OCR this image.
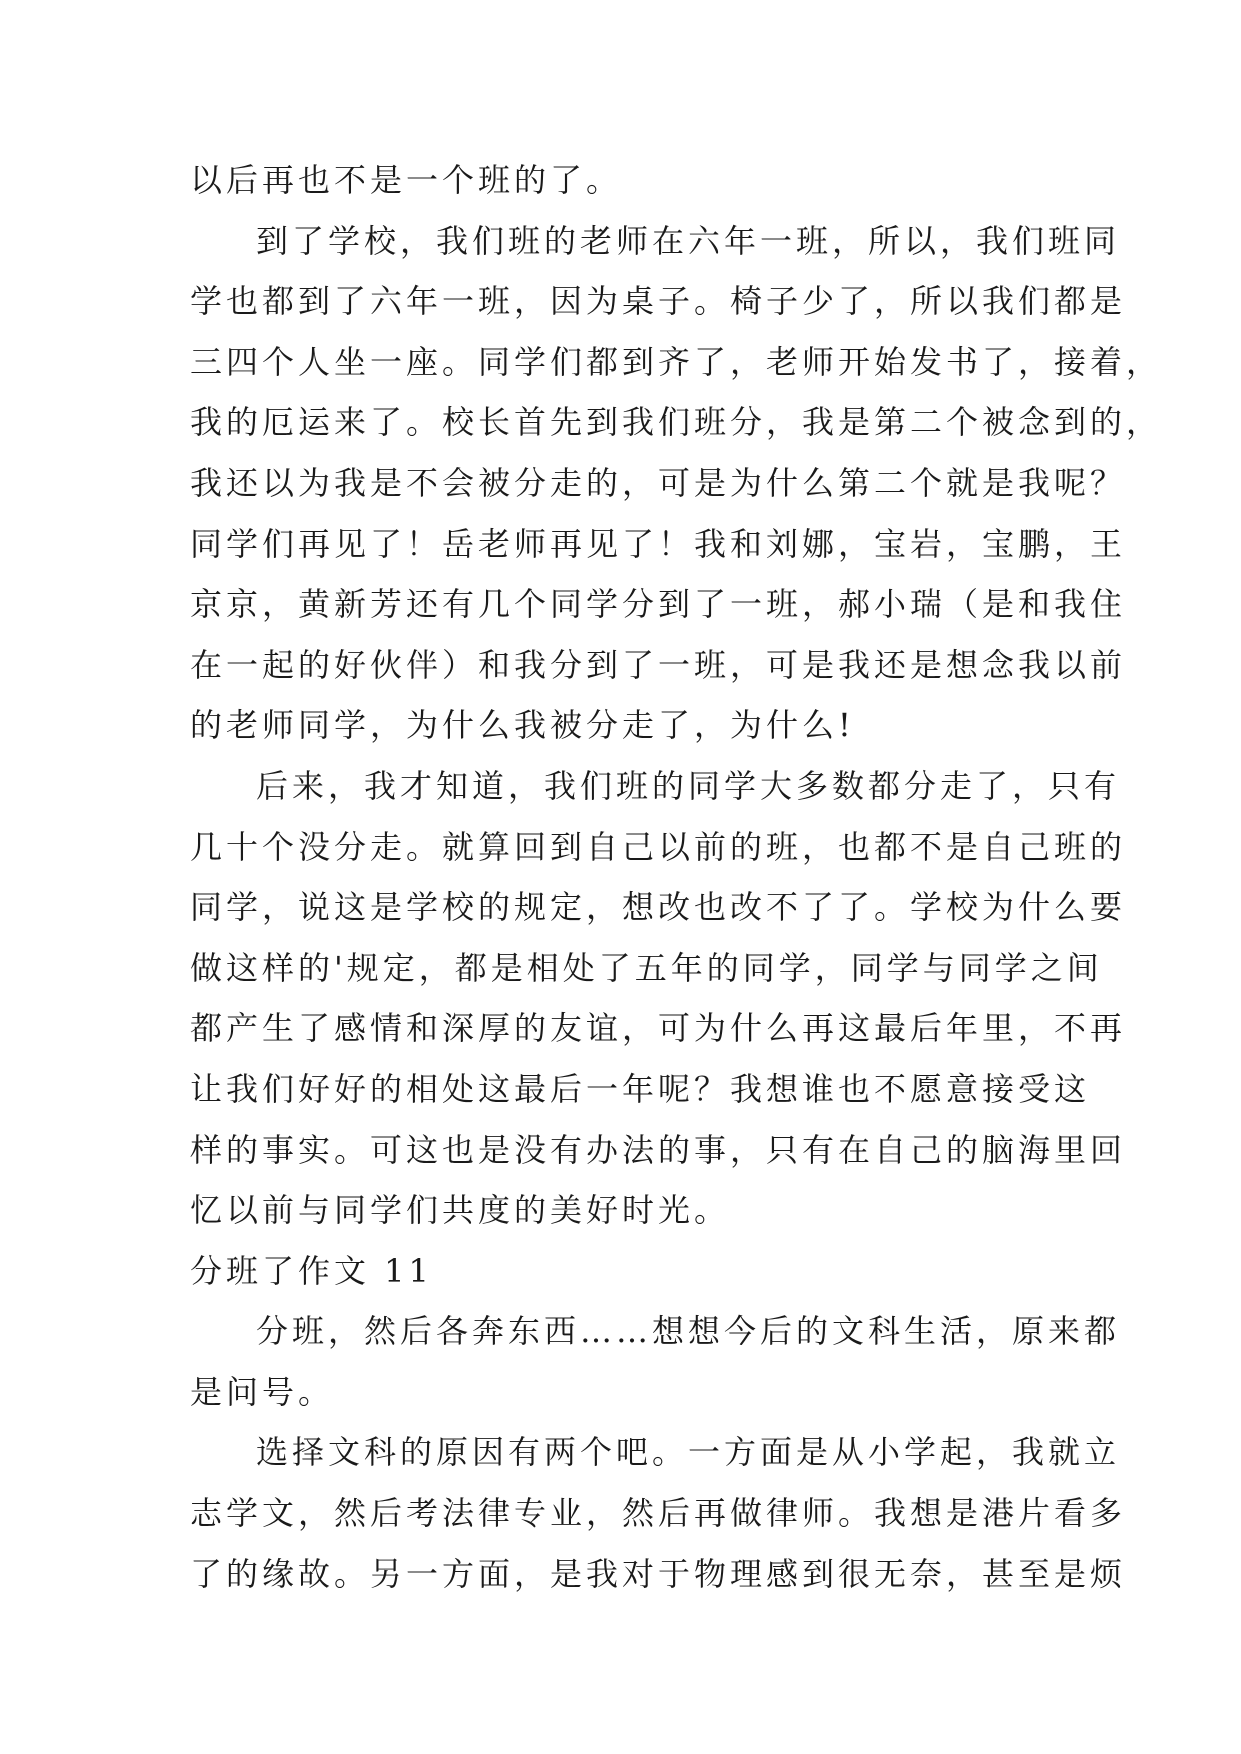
以后再也不是一个班的了。
到了学校，我们班的老师在六年一班，所以，我们班同
学也都到了六年一班，因为桌子。椅子少了，所以我们都是
三四个人坐一座。同学们都到齐了，老师开始发书了，接着，
我的厄运来了。校长首先到我们班分，我是第二个被念到的，
我还以为我是不会被分走的，可是为什么第二个就是我呢？
同学们再见了！岳老师再见了！我和刘娜，宝岩，宝鹏，王
京京，黄新芳还有几个同学分到了一班，郝小瑞（是和我住
在一起的好伙伴）和我分到了一班，可是我还是想念我以前
的老师同学，为什么我被分走了，为什么!
后来，我才知道，我们班的同学大多数都分走了，只有
几十个没分走。就算回到自己以前的班，也都不是自己班的
同学，说这是学校的规定，想改也改不了了。学校为什么要
做这样的'规定，都是相处了五年的同学，同学与同学之间
都产生了感情和深厚的友谊，可为什么再这最后年里，不再
让我们好好的相处这最后一年呢？我想谁也不愿意接受这
样的事实。可这也是没有办法的事，只有在自己的脑海里回
忆以前与同学们共度的美好时光。
分班了作文 11
分班，然后各奔东西……想想今后的文科生活，原来都
是问号。
选择文科的原因有两个吧。一方面是从小学起，我就立
志学文，然后考法律专业，然后再做律师。我想是港片看多
了的缘故。另一方面，是我对于物理感到很无奈，甚至是烦
